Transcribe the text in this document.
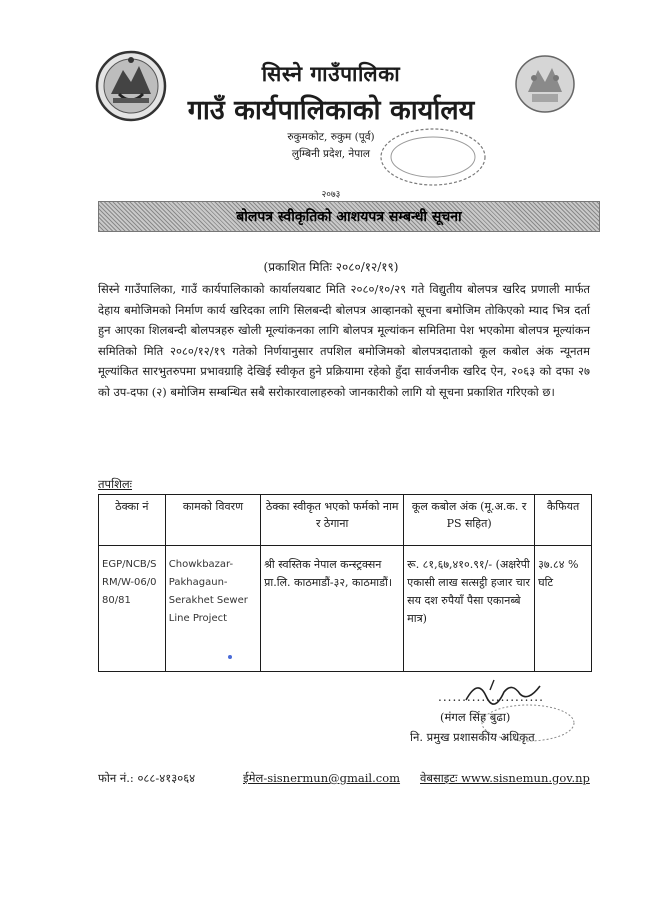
सिस्ने गाउँपालिका
गाउँ कार्यपालिकाको कार्यालय
रुकुमकोट, रुकुम (पूर्व)
लुम्बिनी प्रदेश, नेपाल
२०७३
बोलपत्र स्वीकृतिको आशयपत्र सम्बन्धी सूचना
(प्रकाशित मितिः २०८०/१२/१९)
सिस्ने गाउँपालिका, गाउँ कार्यपालिकाको कार्यालयबाट मिति २०८०/१०/२९ गते विद्युतीय बोलपत्र खरिद प्रणाली मार्फत देहाय बमोजिमको निर्माण कार्य खरिदका लागि सिलबन्दी बोलपत्र आव्हानको सूचना बमोजिम तोकिएको म्याद भित्र दर्ता हुन आएका शिलबन्दी बोलपत्रहरु खोली मूल्यांकनका लागि बोलपत्र मूल्यांकन समितिमा पेश भएकोमा बोलपत्र मूल्यांकन समितिको मिति २०८०/१२/१९ गतेको निर्णयानुसार तपशिल बमोजिमको बोलपत्रदाताको कूल कबोल अंक न्यूनतम मूल्यांकित सारभुतरुपमा प्रभावग्राहि देखिई स्वीकृत हुने प्रक्रियामा रहेको हुँदा सार्वजनीक खरिद ऐन, २०६३ को दफा २७ को उप-दफा (२) बमोजिम सम्बन्धित सबै सरोकारवालाहरुको जानकारीको लागि यो सूचना प्रकाशित गरिएको छ।
तपशिलः
ठेक्का नं	कामको विवरण	ठेक्का स्वीकृत भएको फर्मको नाम र ठेगाना	कूल कबोल अंक (मू.अ.क. र PS सहित)	कैफियत
EGP/NCB/SRM/W-06/080/81	Chowkbazar-Pakhagaun-Serakhet Sewer Line Project	श्री स्वस्तिक नेपाल कन्स्ट्रक्सन प्रा.लि. काठमाडौं-३२, काठमाडौं।	रू. ८१,६७,४१०.९१/- (अक्षरेपी एकासी लाख सत्सट्ठी हजार चार सय दश रुपैयाँ पैसा एकानब्बे मात्र)	३७.८४ % घटि
......................
(मंगल सिंह बुढा)
नि. प्रमुख प्रशासकीय अधिकृत
फोन नं.: ०८८-४१३०६४	ईमेल-sisnermun@gmail.com वेबसाइटः www.sisnemun.gov.np
